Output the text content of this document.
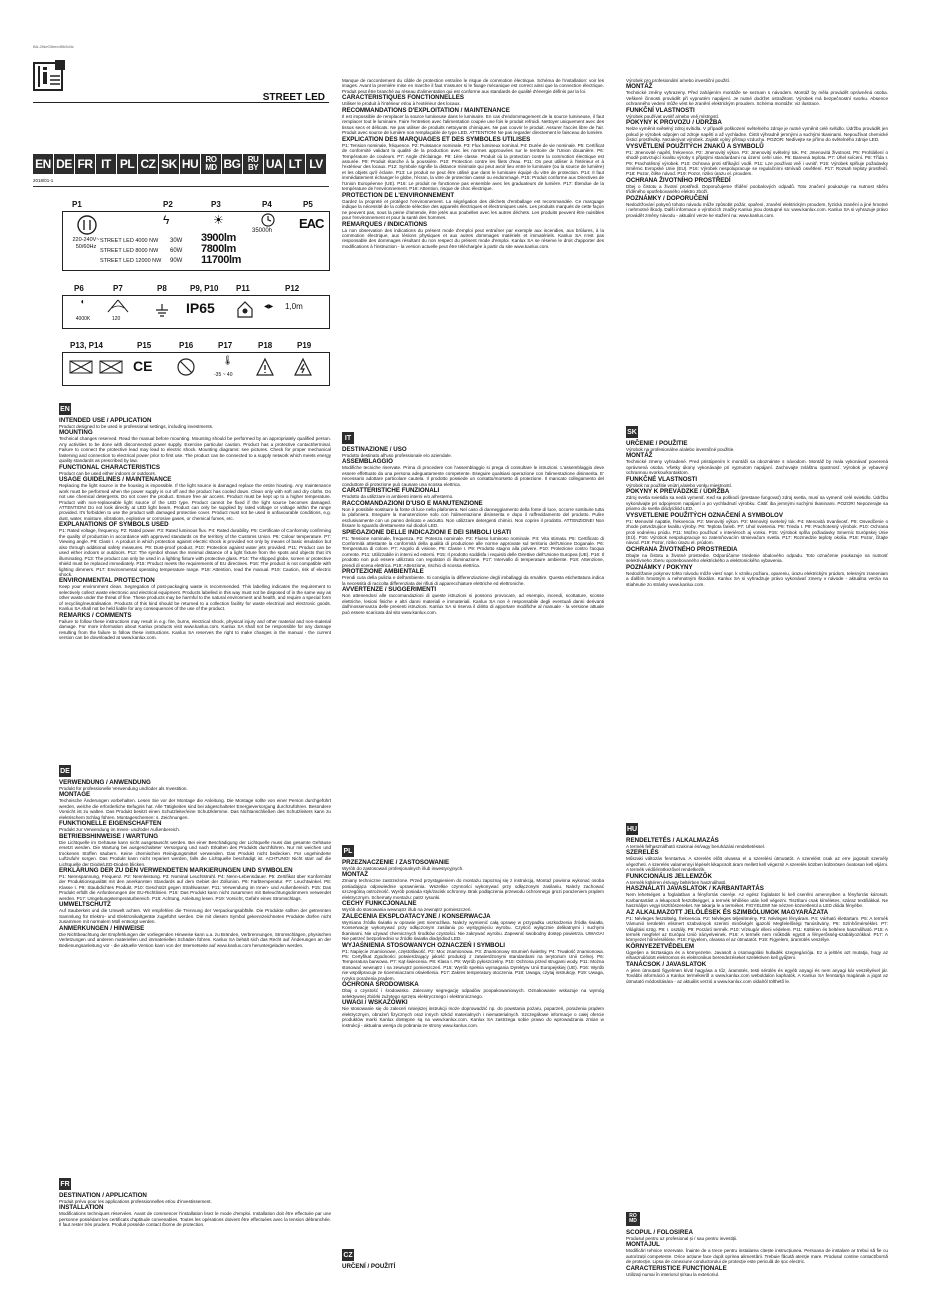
BA-2fde03beed5b5d4c
STREET LED
EN DE FR IT PL CZ SK HU RO MD BG RU BY UA LT LV
2018/01-1
P1	P2	P3	P4	P5
220-240V~ 50/60Hz
ϟ	☀
35000h EAC
STREET LED 4000 NW
STREET LED 8000 NW
STREET LED 12000 NW
30W
60W
90W
3900lm
7800lm
11700lm
P6	P7	P8	P9, P10 P11	P12
◐
4000K	120
IP65	◀▶ 1,0m
P13, P14	P15	P16	P17	P18	P19
CE	🌡
-35 ~ 40
EN

INTENDED USE / APPLICATION

Product designed to be used in professional settings, including investments.

MOUNTING

Technical changes reserved. Read the manual before mounting. Mounting should be performed by an appropriately qualified person. Any activities to be done with disconnected power supply. Exercise particular caution. Product has a protective contact/terminal. Failure to connect the protective lead may lead to electric shock. Mounting diagrams: see pictures. Check for proper mechanical fastening and connection to electrical power prior to first use. The product can be connected to a supply network which meets energy quality standards as prescribed by law.

FUNCTIONAL CHARACTERISTICS

Product can be used either indoors or outdoors.

USAGE GUIDELINES / MAINTENANCE

Replacing the light source in the housing is impossible. If the light source is damaged replace the entire housing. Any maintenance work must be performed when the power supply is cut off and the product has cooled down. Clean only with soft and dry cloths. Do not use chemical detergents. Do not cover the product. Ensure free air access. Product must be kept up to a higher temperature. Product with non-replaceable light source of the LED type. Product cannot be fixed if the light source becomes damaged. ATTENTION! Do not look directly at LED light beam. Product can only be supplied by rated voltage or voltage within the range provided. It's forbidden to use the product with damaged protective cover. Product must not be used in unfavourable conditions, e.g. dust, water, moisture, vibrations, explosive or corrosive gases, or chemical fumes, etc.

EXPLANATIONS OF SYMBOLS USED

P1: Rated voltage, frequency. P2: Rated power. P3: Rated luminous flux. P4: Rated durability. P5: Certificate of Conformity confirming the quality of production in accordance with approved standards on the territory of the Customs Union. P6: Colour temperature. P7: Viewing angle. P8: Class I. A product in which protection against electric shock is provided not only by means of basic insulation but also through additional safety measures. P9: Dust-proof product. P10: Protection against water jets provided. P11: Product can be used either indoors or outdoors. P12: The symbol shows the minimal distance of a light fixture from the spots and objects that it's illuminating. P13: The product can only be used in a lighting fixture with protective glass. P14: The shipped globe, screen or protective shield must be replaced immediately. P15: Product meets the requirements of EU directives. P16: The product is not compatible with lighting dimmers. P17: Environmental operating temperature range. P18: Attention, read the manual. P19: Caution, risk of electric shock.

ENVIRONMENTAL PROTECTION

Keep your environment clean. Segregation of post-packaging waste is recommended. This labelling indicates the requirement to selectively collect waste electronic and electrical equipment. Products labelled in this way must not be disposed of in the same way as other waste under the threat of fine. These products may be harmful to the natural environment and health, and require a special form of recycling/neutralisation. Products of this kind should be returned to a collection facility for waste electrical and electronic goods. Kanlux SA shall not be held liable for any consequences of the use of the product.

REMARKS / COMMENTS

Failure to follow these instructions may result in e.g. fire, burns, electrical shock, physical injury and other material and non-material damage. For more information about Kanlux products visit www.kanlux.com. Kanlux SA shall not be responsible for any damage resulting from the failure to follow these instructions. Kanlux SA reserves the right to make changes in the manual - the current version can be downloaded at www.kanlux.com.

DE

VERWENDUNG / ANWENDUNG

Produkt für professionelle Verwendung und/oder als Investition.

MONTAGE

Technische Änderungen vorbehalten. Lesen Sie vor der Montage die Anleitung. Die Montage sollte von einer Person durchgeführt werden, welche die erforderliche Befugnis hat. Alle Tätigkeiten sind bei abgeschalteter Energieversorgung durchzuführen. Besondere Vorsicht ist zu walten. Das Produkt besitzt einen Schutzleiter/eine Schutzklemme. Das Nichtanschließen des Schutzleiters kann zu elektrischem Schlag führen. Montageschemen: s. Zeichnungen.

FUNKTIONELLE EIGENSCHAFTEN

Produkt zur Verwendung im Innen- und/oder Außenbereich.

BETRIEBSHINWEISE / WARTUNG

Die Lichtquelle im Gehäuse kann nicht ausgetauscht werden. Bei einer Beschädigung der Lichtquelle muss das gesamte Gehäuse ersetzt werden. Die Wartung bei ausgeschalteter Versorgung und nach Erkalten des Produkts durchführen. Nur mit weichen und trockenen Stoffen säubern. Keine chemischen Reinigungsmittel verwenden. Das Produkt nicht bedecken. Für ungehinderte Luftzufuhr sorgen. Das Produkt kann nicht repariert werden, falls die Lichtquelle beschädigt ist. ACHTUNG! Nicht starr auf die Lichtquelle der Diode/LED-Dioden blicken.

ERKLÄRUNG DER ZU DEN VERWENDETEN MARKIERUNGEN UND SYMBOLEN

P1: Nennspannung, Frequenz. P2: Nennleistung. P3: Nominal Leuchtstrahl. P4: Nenn-Lebensdauer. P5: Zertifikat über Konformität der Produktionsqualität mit den anerkannten Standards auf dem Gebiet der Zollunion. P6: Farbtemperatur. P7: Leuchtwinkel. P8: Klasse I. P9: Staubdichtes Produkt. P10: Geschützt gegen Strahlwasser. P11: Verwendung im Innen- und Außenbereich. P15: Das Produkt erfüllt die Anforderungen der EU-Richtlinien. P16: Das Produkt kann nicht zusammen mit Beleuchtungsdimmern verwendet werden. P17: Umgebungstemperaturbereich. P18: Achtung, Anleitung lesen. P19: Vorsicht, Gefahr eines Stromschlags.

UMWELTSCHUTZ

Auf Sauberkeit und die Umwelt achten. Wir empfehlen die Trennung der Verpackungsabfälle. Die Produkte sollten der getrennten Sammlung für Elektro- und Elektronikaltgeräte zugeführt werden. Die mit diesem Symbol gekennzeichneten Produkte dürfen nicht zusammen mit normalem Müll entsorgt werden.

ANMERKUNGEN / HINWEISE

Die Nichtbeachtung der Empfehlungen der vorliegenden Hinweise kann u.a. zu Bränden, Verbrennungen, Stromschlägen, physischen Verletzungen und anderen materiellen und immateriellen Schäden führen. Kanlux SA behält sich das Recht auf Änderungen an der Bedienungsanleitung vor - die aktuelle Version kann von der Internetseite auf www.kanlux.com heruntergeladen werden.

FR

DESTINATION / APPLICATION

Produit prévu pour les applications professionnelles et/ou d'investissement.

INSTALLATION

Modifications techniques réservées. Avant de commencer l'installation lisez le mode d'emploi. Installation doit être effectuée par une personne possédant les certificats d'aptitude convenables. Toutes les opérations doivent être effectuées avec la tension débranchée. Il faut rester très prudent. Produit possède contact /borne de protection.

Manque de raccordement du câble de protection entraîne le risque de commotion électrique. Schéma de l'installation: voir les images. Avant la première mise en marche il faut s'assurer si le fixage mécanique est correct ainsi que la connection électrique. Produit peut être branché au réseau d'alimentation qui est conforme aux standards de qualité d'énergie définis par la loi.

CARACTERISTIQUES FONCTIONNELLES

Utiliser le produit à l'intérieur et/ou à l'extérieur des locaux.

RECOMMANDATIONS D'EXPLOITATION / MAINTENANCE

Il est impossible de remplacer la source lumineuse dans le luminaire. En cas d'endommagement de la source lumineuse, il faut remplacer tout le luminaire. Faire l'entretien avec l'alimentation coupée une fois le produit refroidi. Nettoyer uniquement avec des tissus secs et délicats. Ne pas utiliser de produits nettoyants chimiques. Ne pas couvrir le produit. Assurer l'accès libre de l'air. Produit avec source de lumière non remplaçable de type LED. ATTENTION! Ne pas regarder directement le faisceau de lumière.

EXPLICATION DES MARQUAGES ET DES SYMBOLES UTILISES

P1: Tension nominale, fréquence. P2: Puissance nominale. P3: Flux lumineux nominal. P4: Durée de vie nominale. P5: Certificat de conformité validant la qualité de la production avec les normes approuvées sur le territoire de l'Union douanière. P6: Température de couleurs. P7: Angle d'éclairage. P8: 1ère classe. Produit où la protection contre la commotion électrique est assurée. P9: Produit étanche à la poussière. P10: Protection contre les filets d'eau. P11: On peut utiliser à l'intérieur et à l'extérieur des locaux. P12: Symbole signifie la distance minimale qui peut avoir lieu entre le luminaire (ou la source de lumière) et les objets qu'il éclaire. P13: Le produit ne peut être utilisé que dans le luminaire équipé du vitre de protection. P14: Il faut immédiatement échanger le globe, l'écran, la vitre de protection cassé ou endommagé. P15: Produit conforme aux Directives de l'Union Européenne (UE). P16: Le produit ne fonctionne pas ensemble avec les graduateurs de lumière. P17: Étendue de la température de l'environnement. P18: Attention, risque de choc électrique.

PROTECTION DE L'ENVIRONNEMENT

Gardez la propreté et protégez l'environnement. La ségrégation des déchets d'emballage est recommandée. Ce marquage indique la nécessité de la collecte sélective des appareils électriques et électroniques usés. Les produits marqués de cette façon ne peuvent pas, sous la peine d'amende, être jetés aux poubelles avec les autres déchets. Les produits peuvent être nuisibles pour l'environnement et pour la santé des hommes.

REMARQUES / INDICATIONS

La non observation des indications du présent mode d'emploi peut entraîner par exemple aux incendies, aux brûlures, à la commotion électrique, aux lésions physiques et aux autres dommages matériels et immatériels. Kanlux SA n'est pas responsable des dommages résultant du non respect du présent mode d'emploi. Kanlux SA se réserve le droit d'apporter des modifications à l'instruction - la version actuelle peut être téléchargée à partir du site www.kanlux.com.

IT

DESTINAZIONE / USO

Prodotto destinato all'uso professionale e/o aziendale.

ASSEMBLAGGIO

Modifiche tecniche riservate. Prima di procedere con l'assemblaggio si prega di consultare le istruzioni. L'assemblaggio deve essere effettuato da una persona adeguatamente competente. Eseguire qualsiasi operazione con l'alimentazione disinserita. E' necessario adottare particolare cautela. Il prodotto possiede un contatto/morsetto di protezione. Il mancato collegamento del conduttore di protezione può causare una scossa elettrica.

CARATTERISTICHE FUNZIONALI

Prodotto da utilizzare in ambienti interni e/o all'esterno.

RACCOMANDAZIONI D'USO E MANUTENZIONE

Non è possibile sostituire la fonte di luce nella plafoniera. Nel caso di danneggiamento della fonte di luce, occorre sostituire tutta la plafoniera. Eseguire la manutenzione solo con l'alimentazione disinserita e dopo il raffreddamento del prodotto. Pulire esclusivamente con un panno delicato e asciutto. Non utilizzare detergenti chimici. Non coprire il prodotto. ATTENZIONE! Non fissare lo sguardo direttamente sul diodo/i LED.

SPIEGAZIONE DELLE INDICAZIONI E DEI SIMBOLI USATI

P1: Tensione nominale, frequenza. P2: Potenza nominale. P3: Flusso luminoso nominale. P4: Vita stimata. P5: Certificato di Conformità attestante la conformità della qualità di produzione alle norme approvate sul territorio dell'Unione Doganale. P6: Temperatura di colore. P7: Angolo di visione. P8: Classe I. P9: Prodotto stagno alla polvere. P10: Protezione contro l'acqua corrente. P11: Utilizzabile in interni ed esterni. P15: Il prodotto soddisfa i requisiti delle Direttive dell'Unione Europea (UE). P16: Il prodotto non può essere utilizzato con regolatori di illuminazione. P17: Intervallo di temperature ambiente. P18: Attenzione, prendi di scena elettrica. P19: Attenzione, rischio di scossa elettrica.

PROTEZIONE AMBIENTALE

Prendi cura della pulizia e dell'ambiente. Si consiglia la differenziazione degli imballaggi da smaltire. Questa etichettatura indica la necessità di raccolta differenziata dei rifiuti di apparecchiature elettriche ed elettroniche.

AVVERTENZE / SUGGERIMENTI

Non attenendosi alle raccomandazioni di queste istruzioni si possono provocare, ad esempio, incendi, scottature, scosse elettriche, lesioni fisiche e altri danni materiali e immateriali. Kanlux SA non è responsabile degli eventuali danni derivanti dall'inosservanza delle presenti istruzioni. Kanlux SA si riserva il diritto di apportare modifiche al manuale - la versione attuale può essere scaricata dal sito www.kanlux.com.

PL

PRZEZNACZENIE / ZASTOSOWANIE

Wyrób do zastosowań profesjonalnych i/lub inwestycyjnych.

MONTAŻ

Zmiany techniczne zastrzeżone. Przed przystąpieniem do montażu zapoznaj się z instrukcją. Montaż powinna wykonać osoba posiadająca odpowiednie uprawnienia. Wszelkie czynności wykonywać przy odłączonym zasilaniu. Należy zachować szczególną ostrożność. Wyrób posiada styk/zacisk ochronny. Brak podłączenia przewodu ochronnego grozi porażeniem prądem elektrycznym. Schematy montażu: patrz rysunki.

CECHY FUNKCJONALNE

Wyrób do stosowania wewnątrz i/lub na zewnątrz pomieszczeń.

ZALECENIA EKSPLOATACYJNE / KONSERWACJA

Wymiana źródła światła w oprawie jest niemożliwa. Należy wymienić całą oprawę w przypadku uszkodzenia źródła światła. Konserwację wykonywać przy odłączonym zasilaniu po wystygnięciu wyrobu. Czyścić wyłącznie delikatnymi i suchymi tkaninami. Nie używać chemicznych środków czystości. Nie zakrywać wyrobu. Zapewnić swobodny dostęp powietrza. UWAGA! Nie patrzeć bezpośrednio w źródło światła diody/diod LED.

WYJAŚNIENIA STOSOWANYCH OZNACZEŃ I SYMBOLI

P1: Napięcie znamionowe, częstotliwość. P2: Moc znamionowa. P3: Znamionowy strumień świetlny. P4: Trwałość znamionowa. P5: Certyfikat Zgodności potwierdzający jakość produkcji z zatwierdzonymi standardami na terytorium Unii Celnej. P6: Temperatura barwowa. P7: Kąt świecenia. P8: Klasa I. P9: Wyrób pyłoszczelny. P10: Ochrona przed strugami wody. P11: Można stosować wewnątrz i na zewnątrz pomieszczeń. P15: Wyrób spełnia wymagania Dyrektyw Unii Europejskiej (UE). P16: Wyrób nie współpracuje ze ściemniaczami oświetlenia. P17: Zakres temperatury otoczenia. P18: Uwaga, czytaj instrukcję. P19: Uwaga, ryzyko porażenia prądem.

OCHRONA ŚRODOWISKA

Dbaj o czystość i środowisko. Zalecamy segregację odpadów poopakowaniowych. Oznakowanie wskazuje na wymóg selektywnej zbiórki zużytego sprzętu elektrycznego i elektronicznego.

UWAGI / WSKAZÓWKI

Nie stosowanie się do zaleceń niniejszej instrukcji może doprowadzić np. do powstania pożaru, poparzeń, porażenia prądem elektrycznym, obrażeń fizycznych oraz innych szkód materialnych i niematerialnych. Szczegółowe informacje o całej ofercie produktów marki Kanlux dostępne są na www.kanlux.com. Kanlux SA zastrzega sobie prawo do wprowadzania zmian w instrukcji - aktualna wersja do pobrania ze strony www.kanlux.com.

CZ

URČENÍ / POUŽITÍ

Výrobek pro profesionální a/nebo investiční použití.

MONTÁŽ

Technické změny vyhrazeny. Před zahájením montáže se seznam s návodem. Montáž by měla provádět oprávněná osoba. Veškeré činnosti provádět při vypnutém napájení. Je nutné dodržet ostražitost. Výrobek má bezpečnostní svorku. Absence ochranného vedení může vést ke zranění elektrickým proudem. Schéma montáže: viz ilustrace.

FUNKČNÍ VLASTNOSTI

Výrobek používat uvnitř a/nebo vně místností.

POKYNY K PROVOZU / ÚDRŽBA

Nelze vyměnit světelný zdroj svítidla. V případě poškození světelného zdroje je nutné vyměnit celé svítidlo. Údržbu provádět jen pokud je výrobek odpojen od zdroje napětí a až vychladne. Čistit výhradně jemnými a suchými tkaninami. Nepoužívat chemické čisticí prostředky. Nezakrývat výrobek. Zajistit volný přístup vzduchu. POZOR: Nedívejte se přímo do světelného zdroje LED.

VYSVĚTLENÍ POUŽITÝCH ZNAKŮ A SYMBOLŮ

P1: Jmenovité napětí, frekvence. P2: Jmenovitý výkon. P3: Jmenovitý světelný tok. P4: Jmenovitá životnost. P5: Prohlášení o shodě potvrzující kvalitu výroby s přijatými standardami na území celní unie. P6: Barevná teplota. P7: Úhel svícení. P8: Třída I. P9: Prachotěsný výrobek. P10: Ochrana proti stříkající vodě. P11: Lze používat vně i uvnitř. P15: Výrobek splňuje požadavky Směrnic Evropské Unie (EU). P16: Výrobek nespolupracuje se regulačními stmívači osvětlení. P17: Rozsah teploty prostředí. P18: Pozor, čtěte návod. P19: Pozor, riziko úrazu el. proudem.

OCHRANA ŽIVOTNÍHO PROSTŘEDÍ

Dbej o čistotu a životní prostředí. Doporučujeme třídění poobalových odpadů. Toto značení poukazuje na nutnost sběru tříděného opotřebovaného elektro zboží.

POZNÁMKY / DOPORUČENÍ

Nedodržování pokynů tohoto návodu může způsobit požár, opaření, zranění elektrickým proudem, fyzická zranění a jiné hmotné i nehmotné škody. Další informace o výrobcích značky Kanlux jsou dostupné na: www.kanlux.com. Kanlux SA si vyhrazuje právo provádět změny návodu - aktuální verze ke stažení na: www.kanlux.com.

SK

URČENIE / POUŽITIE

Výrobok na profesionálne a/alebo investičné použitie.

MONTÁŽ

Technické zmeny vyhradené. Pred pristúpením k montáži sa oboznámte s návodom. Montáž by mala vykonávať poverená oprávnená osoba. Všetky úkony vykonávajte pri vypnutom napájaní. Zachovajte zvláštnu opatrnosť. Výrobok je vybavený ochrannou svorkou/kontaktom.

FUNKČNÉ VLASTNOSTI

Výrobok na použitie vnútri a/alebo vonku miestností.

POKYNY K PREVÁDZKE / ÚDRŽBA

Zdroj svetla svietidla sa nedá vymeniť. Keď sa poškodí (prestane fungovať) zdroj svetla, musí sa vymeniť celé svietidlo. Údržbu vykonávajte pri odpojenom napájaní a po vychladnutí výrobku. Čistiť iba jemnými suchými tkaninami. POZOR! Nepozerajte sa priamo do svetla diódy/diód LED.

VYSVETLENIE POUŽITÝCH OZNAČENÍ A SYMBOLOV

P1: Menovité napätie, frekvencia. P2: Menovitý výkon. P3: Menovitý svetelný tok. P4: Menovitá trvanlivosť. P5: Osvedčenie o zhode potvrdzujúce kvalitu výroby. P6: Teplota farieb. P7: Uhol svietenia. P8: Trieda I. P9: Prachotesný výrobok. P10: Ochrana proti vodnému prúdu. P11: Možno používať v interiéroch aj vonku. P15: Výrobok spĺňa požiadavky Smerníc Európskej Únie (EÚ). P16: Výrobok nespolupracuje so zatemňovacím stmievačom svetla. P17: Rozmedzie teploty okolia. P18: Pozor, čítajte návod. P19: Pozor, riziko úrazu el. prúdom.

OCHRANA ŽIVOTNÉHO PROSTREDIA

Dbajte na čistotu a životné prostredie. Odporúčame triedenie obalového odpadu. Toto označenie poukazuje na nutnosť selektívneho zberu opotrebovaného elektrického a elektronického vybavenia.

POZNÁMKY / POKYNY

Nedodržanie pokynov tohto návodu môže viesť napr. k vzniku požiaru, opareniu, úrazu elektrickým prúdom, telesným zraneniam a ďalším hmotným a nehmotným škodám. Kanlux SA si vyhradzuje právo vykonávať zmeny v návode - aktuálna verzia na stiahnutie zo stránky www.kanlux.com.

HU

RENDELTETÉS / ALKALMAZÁS

A termék felhasználható szakmai és/vagy beruházási rendeltetéssel.

SZERELÉS

Műszaki változás fenntartva. A szerelés előtt olvassa el a szerelési útmutatót. A szerelést csak az erre jogosult személy végezheti. A szerelés valamennyi lépését kikapcsolt áram mellett kell végezni! A szerelés közben különösen óvatosan kell eljárni. A termék védőérintkezővel rendelkezik.

FUNKCIONÁLIS JELLEMZŐK

A termék kültéren és/vagy beltérben használható.

HASZNÁLATI JAVASLATOK / KARBANTARTÁS

Nem lehetséges a foglalatban a fényforrás cseréje. Az egész foglalatot ki kell cserélni amennyiben a fényforrás károsult. Karbantartást a lekapcsolt feszültséggel, a termék lehűlése után kell végezni. Tisztítani csak kíméletes, száraz textíliákkal. Ne használjon vegyi tisztítószereket. Ne takarja le a terméket. FIGYELEM! Ne nézzen közvetlenül a LED dióda fényébe.

AZ ALKALMAZOTT JELÖLÉSEK ÉS SZIMBÓLUMOK MAGYARÁZATA

P1: Névleges feszültség, frekvencia. P2: Névleges teljesítmény. P3: Névleges fényáram. P4: Várható élettartam. P5: A termék Vámunió területén elismert szabványok szerinti minőségét igazoló Megfelelőségi Tanúsítvány. P6: Színhőmérséklet. P7: Világítási szög. P8: I. osztály. P9: Porzáró termék. P10: Vízsugár elleni védelem. P11: Kültéren és beltéren használható. P15: A termék megfelel az Európai Unió irányelveinek. P16: A termék nem működik együtt a fényerősség-szabályozókkal. P17: A környezet hőmérséklete. P18: Figyelem, olvassa el az útmutatót. P19: Figyelem, áramütés veszélye.

KÖRNYEZETVÉDELEM

Ügyeljen a tisztaságra és a környezetre. Javasolt a csomagolási hulladék szegregációja. Ez a jelölés azt mutatja, hogy az elhasználódott elektromos és elektronikus berendezéseket szelektíven kell gyűjteni.

TANÁCSOK / JAVASLATOK

A jelen útmutató figyelmen kívül hagyása a tűz, áramütés, testi sérülés és egyéb anyagi és nem anyagi kár veszélyével jár. További információ a Kanlux termékeiről a www.kanlux.com weboldalon kaphatók. A Kanlux SA fenntartja magának a jogot az útmutató módosítására - az aktuális verzió a www.kanlux.com oldalról tölthető le.

RO MD

SCOPUL / FOLOSIREA

Produsul pentru uz profesional și / sau pentru investiții.

MONTAJUL

Modificări tehnice rezervate. Înainte de a trece pentru instalarea citește instrucțiunea. Persoana de instalare ar trebui să fie cu autorizații competente. Orice acțiune face după oprirea alimentării. Trebuie făcută atenție mare. Produsul contine contact/bornă de protecție. Lipsa de conexiune conductorului de protecție este periculă de șoc electric.

CARACTERISTICE FUNCȚIONALE

Utilizați numai în interiorul și/sau la exterioriul.
